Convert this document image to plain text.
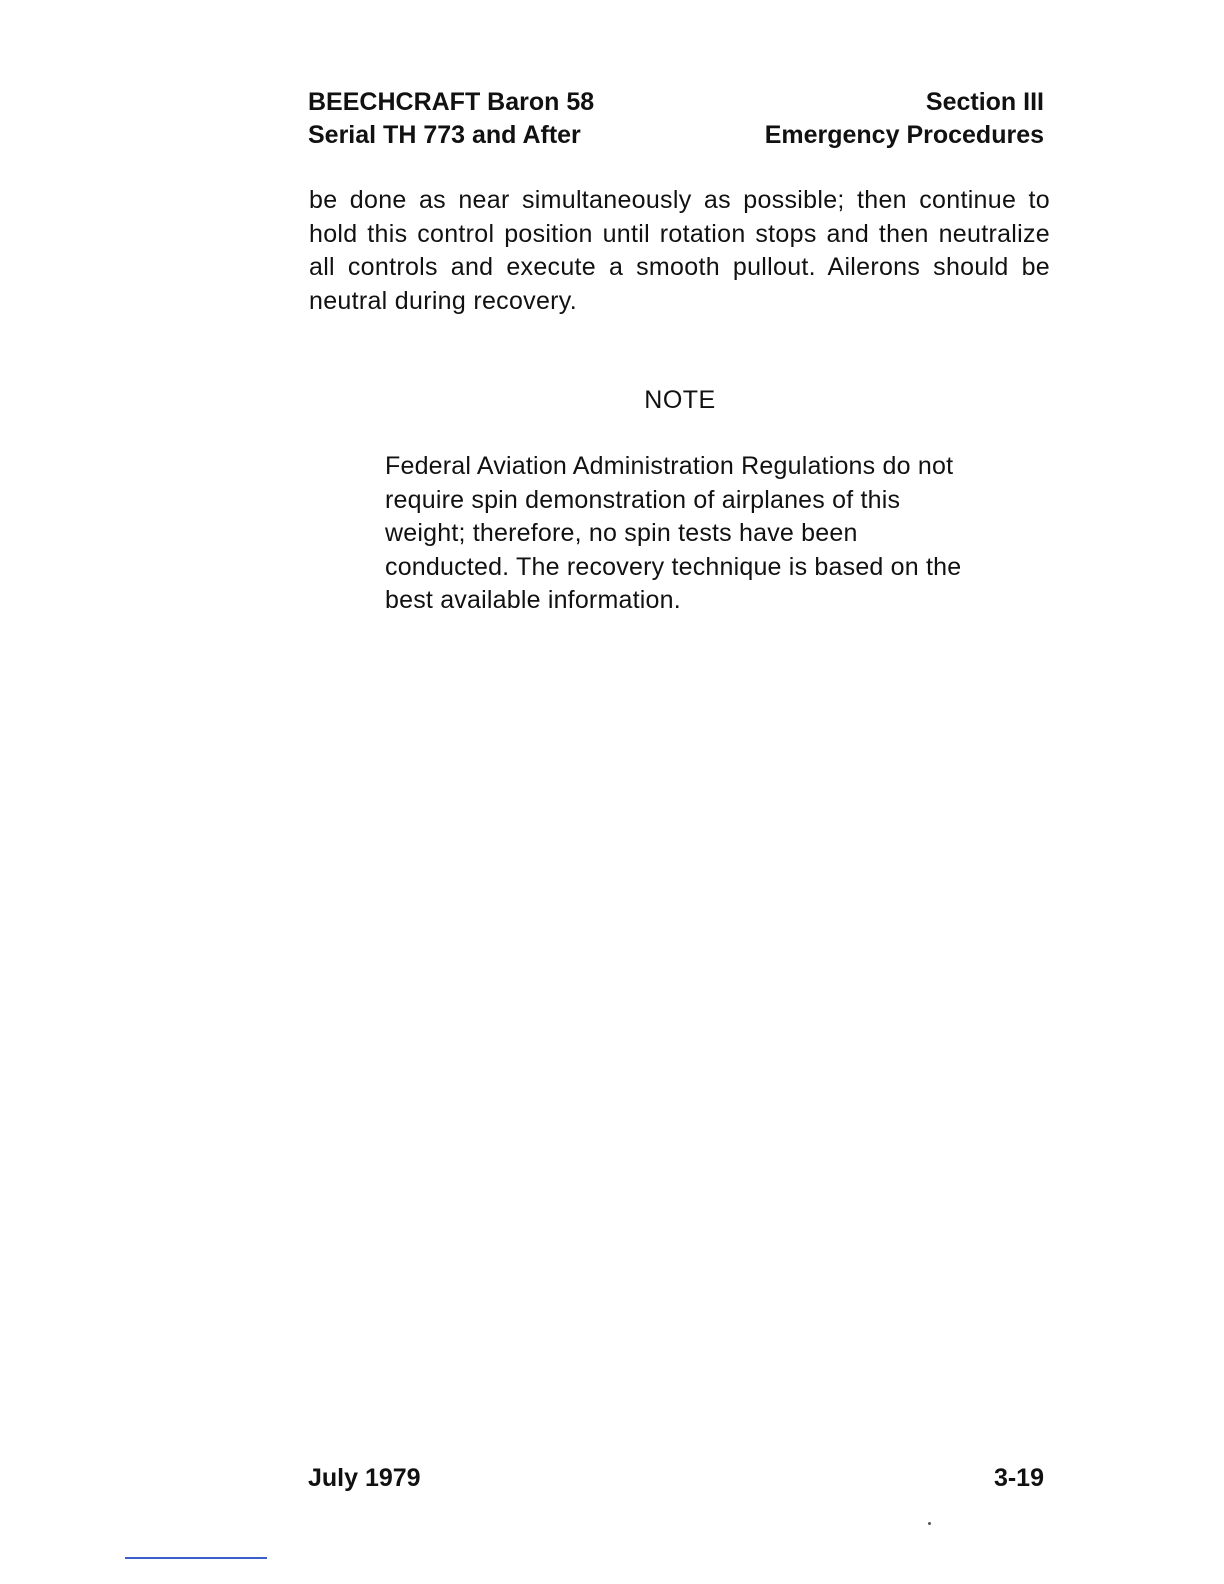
BEECHCRAFT Baron 58
Serial TH 773 and After
Section III
Emergency Procedures

be done as near simultaneously as possible; then continue to hold this control position until rotation stops and then neutralize all controls and execute a smooth pullout. Ailerons should be neutral during recovery.

NOTE

Federal Aviation Administration Regulations do not require spin demonstration of airplanes of this weight; therefore, no spin tests have been conducted. The recovery technique is based on the best available information.

July 1979	3-19
